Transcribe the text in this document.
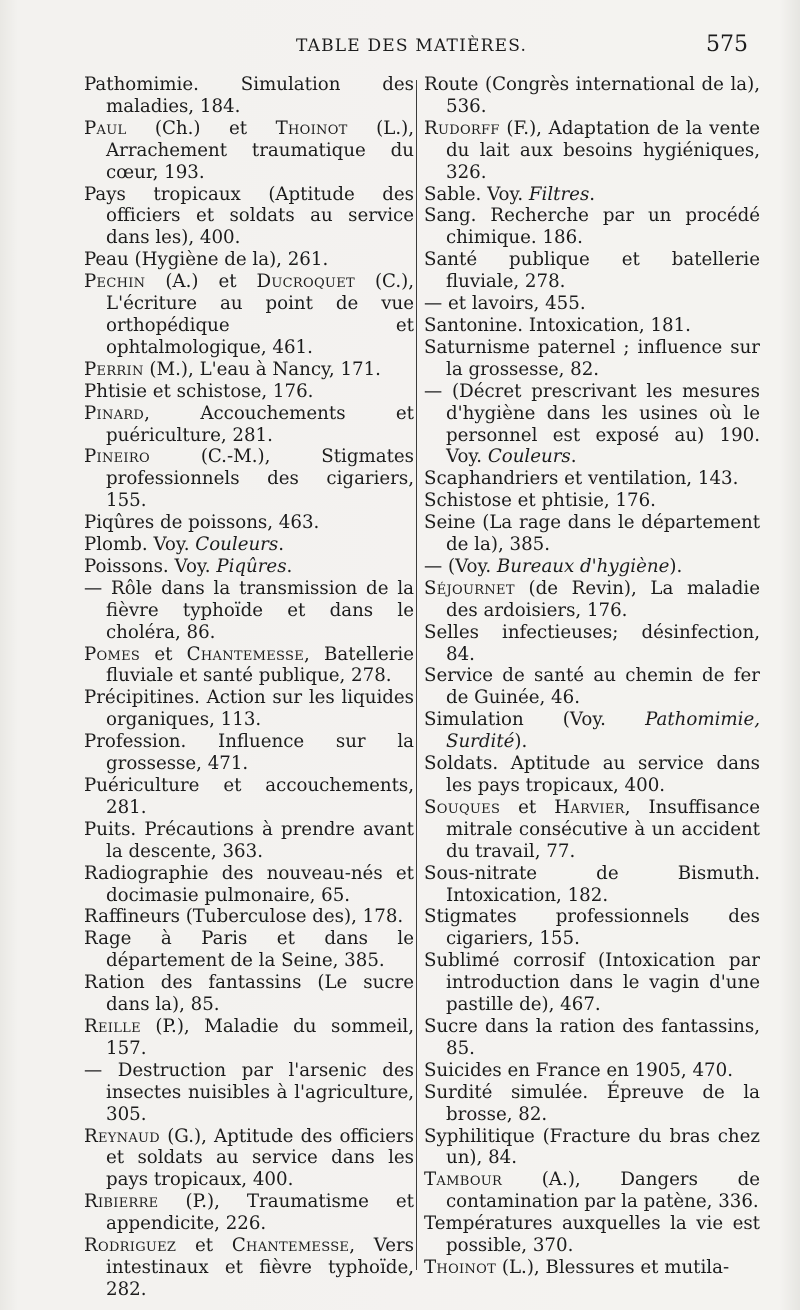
TABLE DES MATIÈRES.	575

Pathomimie. Simulation des maladies, 184.

Paul (Ch.) et Thoinot (L.), Arrachement traumatique du cœur, 193.

Pays tropicaux (Aptitude des officiers et soldats au service dans les), 400.

Peau (Hygiène de la), 261.

Pechin (A.) et Ducroquet (C.), L'écriture au point de vue orthopédique et ophtalmologique, 461.

Perrin (M.), L'eau à Nancy, 171.

Phtisie et schistose, 176.

Pinard, Accouchements et puériculture, 281.

Pineiro (C.-M.), Stigmates professionnels des cigariers, 155.

Piqûres de poissons, 463.

Plomb. Voy. Couleurs.

Poissons. Voy. Piqûres.

— Rôle dans la transmission de la fièvre typhoïde et dans le choléra, 86.

Pomes et Chantemesse, Batellerie fluviale et santé publique, 278.

Précipitines. Action sur les liquides organiques, 113.

Profession. Influence sur la grossesse, 471.

Puériculture et accouchements, 281.

Puits. Précautions à prendre avant la descente, 363.

Radiographie des nouveau-nés et docimasie pulmonaire, 65.

Raffineurs (Tuberculose des), 178.

Rage à Paris et dans le département de la Seine, 385.

Ration des fantassins (Le sucre dans la), 85.

Reille (P.), Maladie du sommeil, 157.

— Destruction par l'arsenic des insectes nuisibles à l'agriculture, 305.

Reynaud (G.), Aptitude des officiers et soldats au service dans les pays tropicaux, 400.

Ribierre (P.), Traumatisme et appendicite, 226.

Rodriguez et Chantemesse, Vers intestinaux et fièvre typhoïde, 282.

Route (Congrès international de la), 536.

Rudorff (F.), Adaptation de la vente du lait aux besoins hygiéniques, 326.

Sable. Voy. Filtres.

Sang. Recherche par un procédé chimique. 186.

Santé publique et batellerie fluviale, 278.

— et lavoirs, 455.

Santonine. Intoxication, 181.

Saturnisme paternel ; influence sur la grossesse, 82.

— (Décret prescrivant les mesures d'hygiène dans les usines où le personnel est exposé au) 190. Voy. Couleurs.

Scaphandriers et ventilation, 143.

Schistose et phtisie, 176.

Seine (La rage dans le département de la), 385.

— (Voy. Bureaux d'hygiène).

Séjournet (de Revin), La maladie des ardoisiers, 176.

Selles infectieuses; désinfection, 84.

Service de santé au chemin de fer de Guinée, 46.

Simulation (Voy. Pathomimie, Surdité).

Soldats. Aptitude au service dans les pays tropicaux, 400.

Souques et Harvier, Insuffisance mitrale consécutive à un accident du travail, 77.

Sous-nitrate de Bismuth. Intoxication, 182.

Stigmates professionnels des cigariers, 155.

Sublimé corrosif (Intoxication par introduction dans le vagin d'une pastille de), 467.

Sucre dans la ration des fantassins, 85.

Suicides en France en 1905, 470.

Surdité simulée. Épreuve de la brosse, 82.

Syphilitique (Fracture du bras chez un), 84.

Tambour (A.), Dangers de contamination par la patène, 336.

Températures auxquelles la vie est possible, 370.

Thoinot (L.), Blessures et mutila-
